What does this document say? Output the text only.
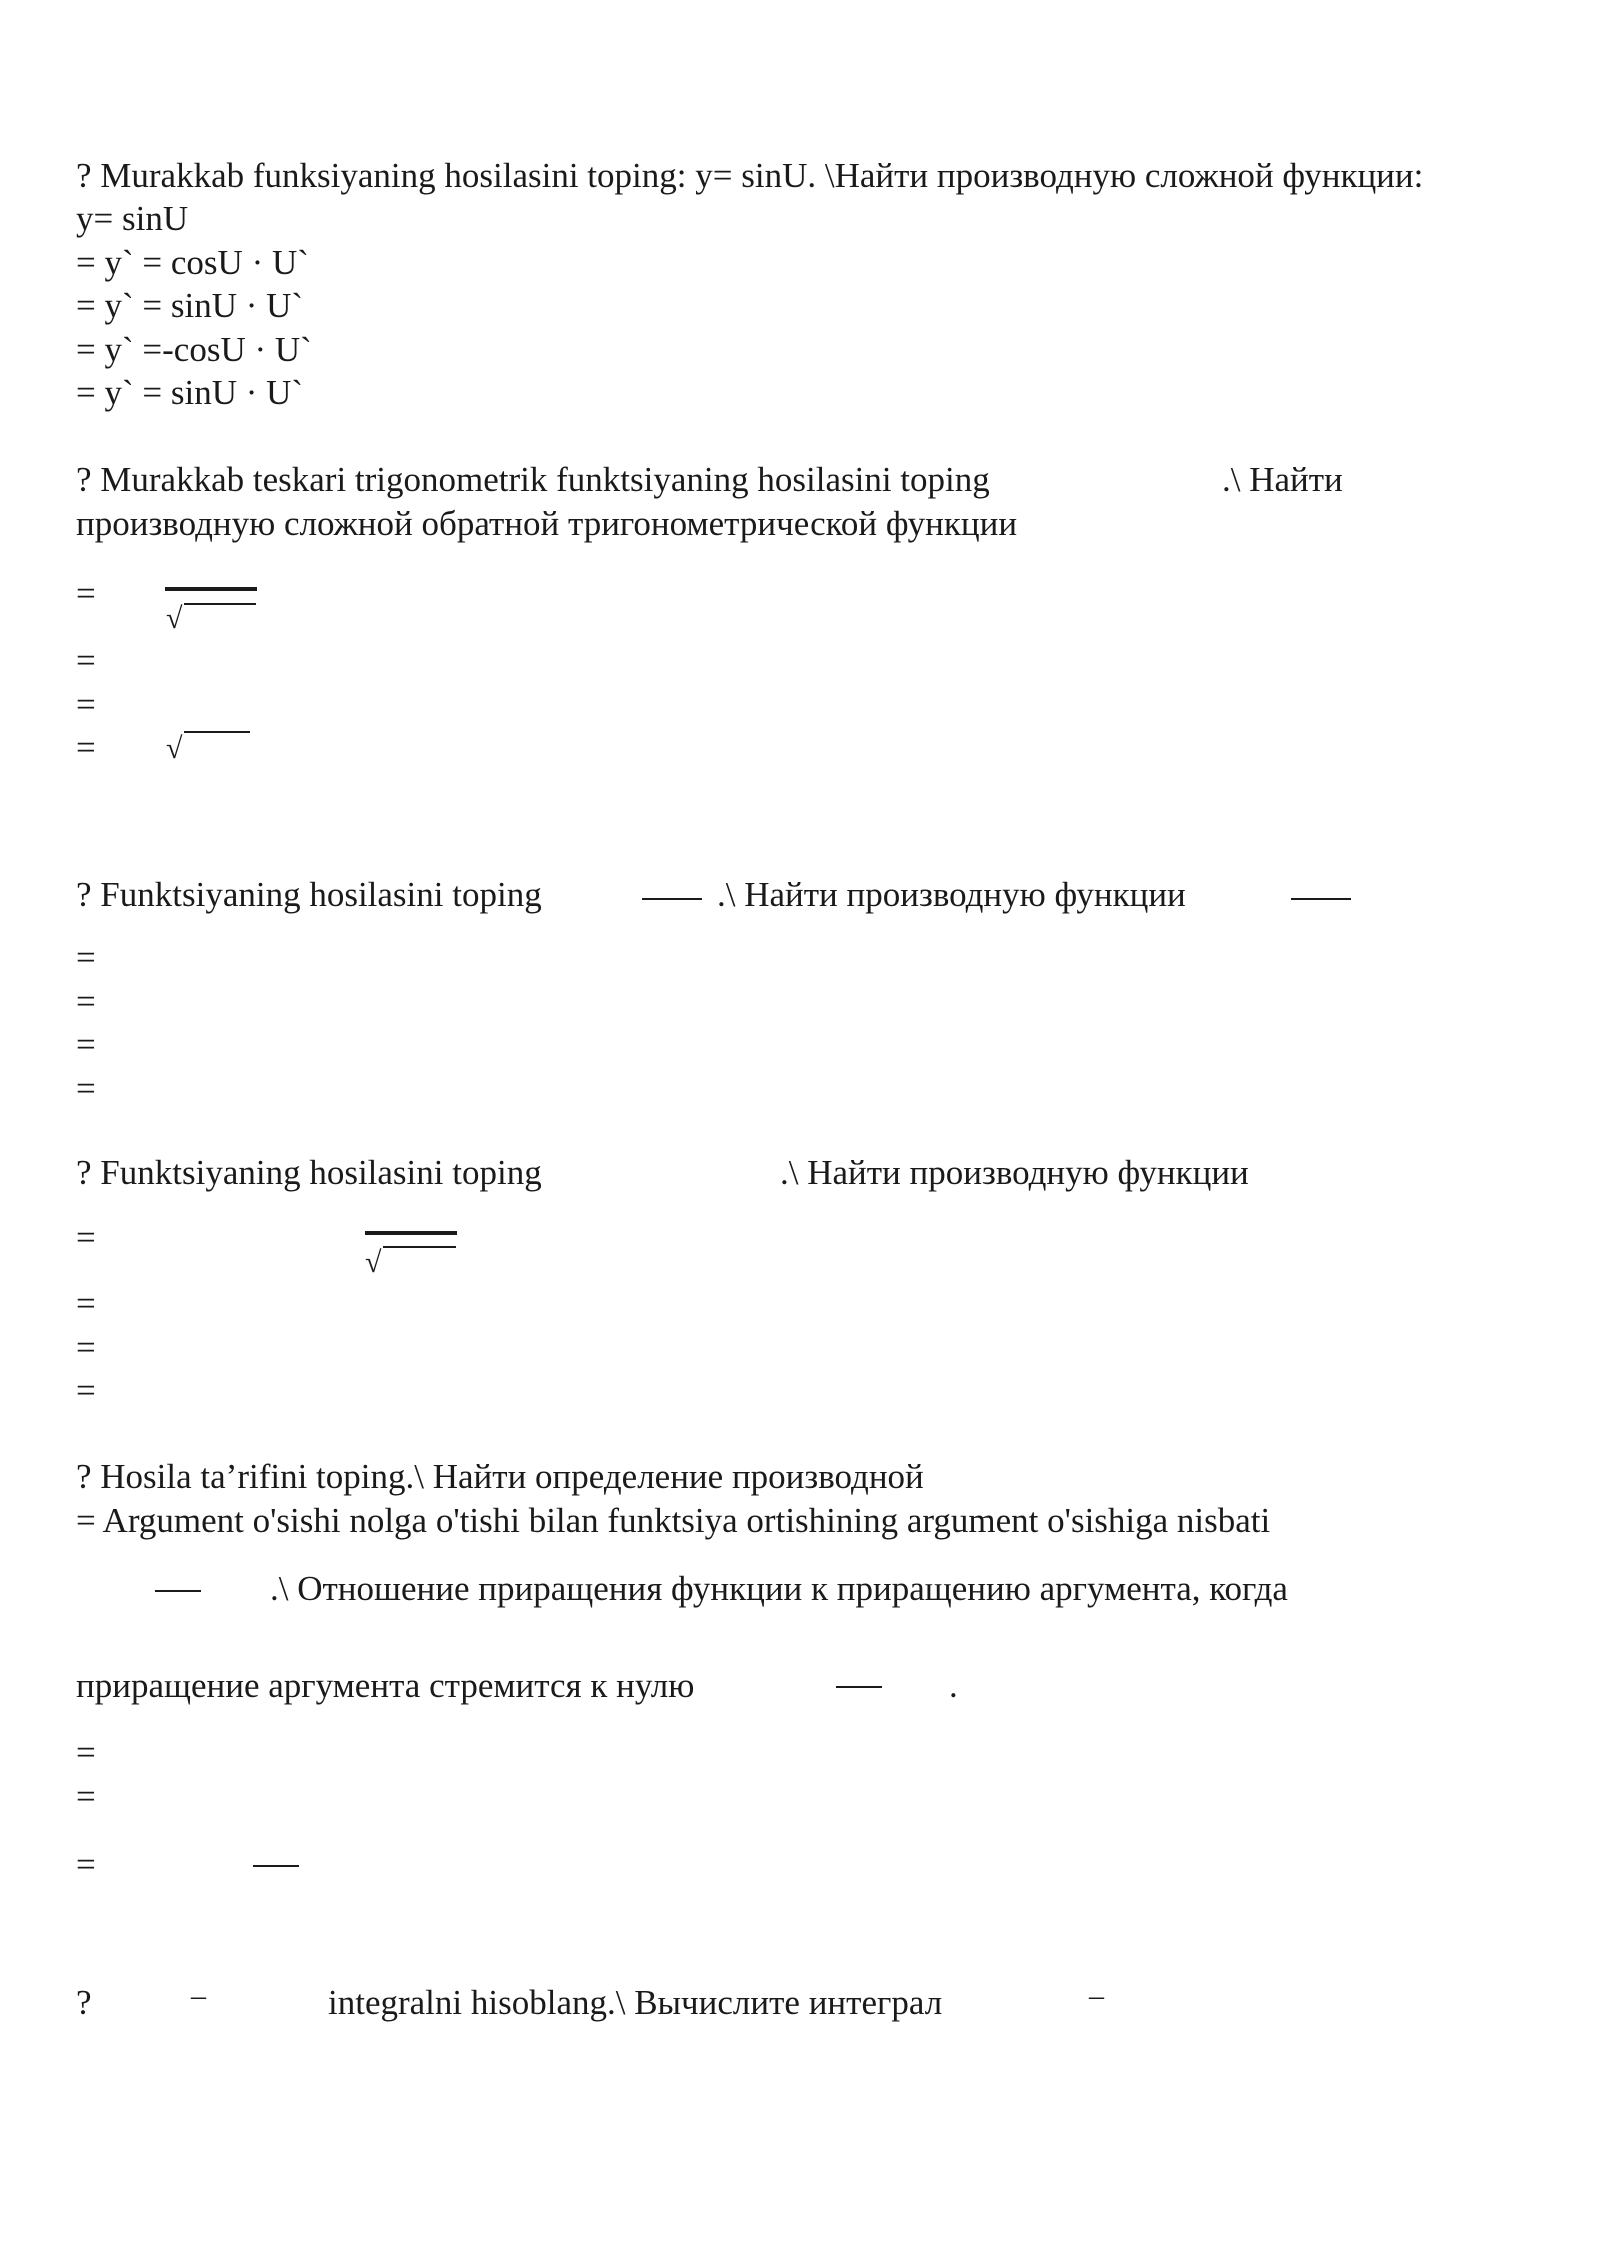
? Murakkab funksiyaning hosilasini toping: y= sinU. \Найти производную сложной функции:
y= sinU
= y` = cosU · U`
= y` = sinU · U`
= y` =-cosU · U`
= y` = sinU · U`
? Murakkab teskari trigonometrik funktsiyaning hosilasini toping	.\ Найти
производную сложной обратной тригонометрической функции
=
√
=
=
= √
? Funktsiyaning hosilasini toping	.\ Найти производную функции
=
=
=
=
? Funktsiyaning hosilasini toping	.\ Найти производную функции
=
√
=
=
=
? Hosila ta’rifini toping.\ Найти определение производной
= Argument o'sishi nolga o'tishi bilan funktsiya ortishining argument o'sishiga nisbati
.\ Отношение приращения функции к приращению аргумента, когда
приращение аргумента стремится к нулю	.
=
=
=
?	–	integralni hisoblang.\ Вычислите интеграл	–
